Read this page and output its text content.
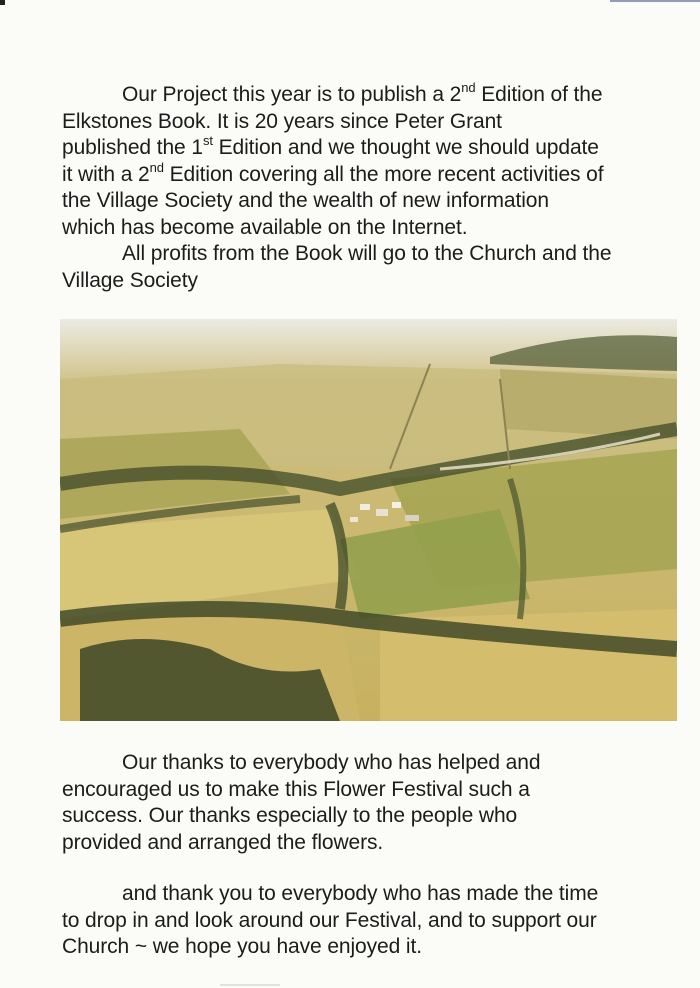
Our Project this year is to publish a 2nd Edition of the

Elkstones Book. It is 20 years since Peter Grant

published the 1st Edition and we thought we should update

it with a 2nd Edition covering all the more recent activities of

the Village Society and the wealth of new information

which has become available on the Internet.

All profits from the Book will go to the Church and the

Village Society

Our thanks to everybody who has helped and

encouraged us to make this Flower Festival such a

success. Our thanks especially to the people who

provided and arranged the flowers.

and thank you to everybody who has made the time

to drop in and look around our Festival, and to support our

Church ~ we hope you have enjoyed it.
